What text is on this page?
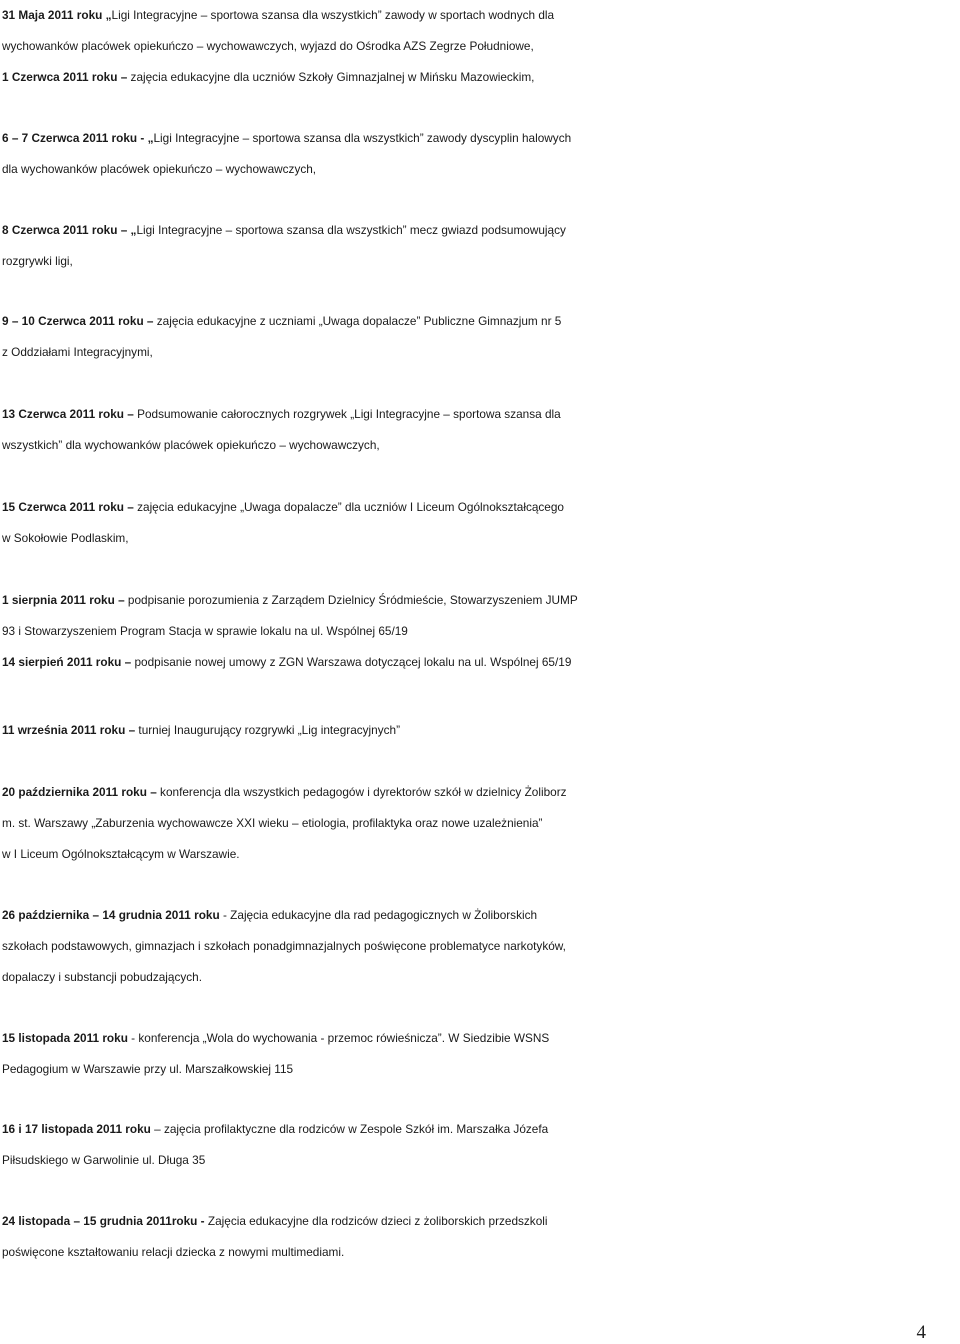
31 Maja 2011 roku „Ligi Integracyjne – sportowa szansa dla wszystkich” zawody w sportach wodnych dla
wychowanków placówek opiekuńczo – wychowawczych, wyjazd do Ośrodka AZS Zegrze Południowe,
1 Czerwca 2011 roku – zajęcia edukacyjne dla uczniów Szkoły Gimnazjalnej w Mińsku Mazowieckim,
6 – 7 Czerwca 2011 roku - „Ligi Integracyjne – sportowa szansa dla wszystkich” zawody dyscyplin halowych
dla wychowanków placówek opiekuńczo – wychowawczych,
8 Czerwca 2011 roku – „Ligi Integracyjne – sportowa szansa dla wszystkich” mecz gwiazd podsumowujący
rozgrywki ligi,
9 – 10 Czerwca 2011 roku – zajęcia edukacyjne z uczniami „Uwaga dopalacze” Publiczne Gimnazjum nr 5
z Oddziałami Integracyjnymi,
13 Czerwca 2011 roku – Podsumowanie całorocznych rozgrywek „Ligi Integracyjne – sportowa szansa dla
wszystkich” dla wychowanków placówek opiekuńczo – wychowawczych,
15 Czerwca 2011 roku – zajęcia edukacyjne „Uwaga dopalacze” dla uczniów I Liceum Ogólnokształcącego
w Sokołowie Podlaskim,
1 sierpnia 2011 roku – podpisanie porozumienia z Zarządem Dzielnicy Śródmieście, Stowarzyszeniem JUMP
93 i Stowarzyszeniem Program Stacja w sprawie lokalu na ul. Wspólnej 65/19
14 sierpień 2011 roku – podpisanie nowej umowy z ZGN Warszawa dotyczącej lokalu na ul. Wspólnej 65/19
11 września 2011 roku – turniej Inaugurujący rozgrywki „Lig integracyjnych”
20 października 2011 roku – konferencja dla wszystkich pedagogów i dyrektorów szkół w dzielnicy Żoliborz
m. st. Warszawy „Zaburzenia wychowawcze XXI wieku – etiologia, profilaktyka oraz nowe uzależnienia”
w I Liceum Ogólnokształcącym w Warszawie.
26 października – 14 grudnia 2011 roku - Zajęcia edukacyjne dla rad pedagogicznych w Żoliborskich
szkołach podstawowych, gimnazjach i szkołach ponadgimnazjalnych poświęcone problematyce narkotyków,
dopalaczy i substancji pobudzających.
15 listopada 2011 roku - konferencja „Wola do wychowania - przemoc rówieśnicza”. W Siedzibie WSNS
Pedagogium w Warszawie przy ul. Marszałkowskiej 115
16 i 17 listopada 2011 roku – zajęcia profilaktyczne dla rodziców w Zespole Szkół im. Marszałka Józefa
Piłsudskiego w Garwolinie ul. Długa 35
24 listopada – 15 grudnia 2011roku - Zajęcia edukacyjne dla rodziców dzieci z żoliborskich przedszkoli
poświęcone kształtowaniu relacji dziecka z nowymi multimediami.
4
